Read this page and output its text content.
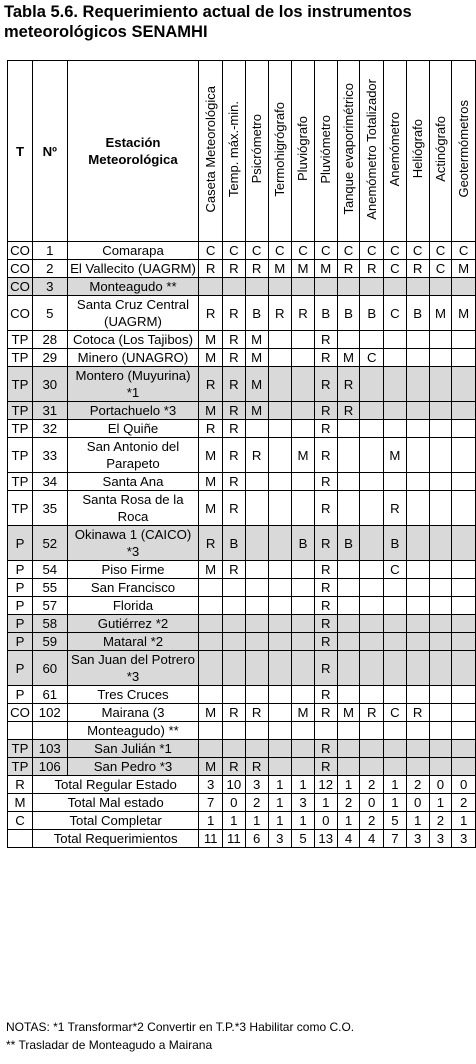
Tabla 5.6. Requerimiento actual de los instrumentos
meteorológicos SENAMHI
T	Nº	Estación Meteorológica	Caseta Meteorológica	Temp. máx.-min.	Psicrómetro	Termohigrógrafo	Pluviógrafo	Pluviómetro	Tanque evaporimétrico	Anemómetro Totalizador	Anemómetro	Heliógrafo	Actinógrafo	Geotermómetros
CO	1	Comarapa	C	C	C	C	C	C	C	C	C	C	C	C
CO	2	El Vallecito (UAGRM)	R	R	R	M	M	M	R	R	C	R	C	M
CO	3	Monteagudo **												
CO	5	Santa Cruz Central (UAGRM)	R	R	B	R	R	B	B	B	C	B	M	M
TP	28	Cotoca (Los Tajibos)	M	R	M			R						
TP	29	Minero (UNAGRO)	M	R	M			R	M	C				
TP	30	Montero (Muyurina) *1	R	R	M			R	R					
TP	31	Portachuelo *3	M	R	M			R	R					
TP	32	El Quiñe	R	R				R						
TP	33	San Antonio del Parapeto	M	R	R		M	R			M			
TP	34	Santa Ana	M	R				R						
TP	35	Santa Rosa de la Roca	M	R				R			R			
P	52	Okinawa 1 (CAICO) *3	R	B			B	R	B		B			
P	54	Piso Firme	M	R				R			C			
P	55	San Francisco						R						
P	57	Florida						R						
P	58	Gutiérrez *2						R						
P	59	Mataral *2						R						
P	60	San Juan del Potrero *3						R						
P	61	Tres Cruces						R						
CO	102	Mairana (3	M	R	R		M	R	M	R	C	R		
		Monteagudo) **												
TP	103	San Julián *1						R						
TP	106	San Pedro *3	M	R	R			R						
R	Total Regular Estado		3	10	3	1	1	12	1	2	1	2	0	0
M	Total Mal estado		7	0	2	1	3	1	2	0	1	0	1	2
C	Total Completar		1	1	1	1	1	0	1	2	5	1	2	1
	Total Requerimientos		11	11	6	3	5	13	4	4	7	3	3	3
NOTAS: *1 Transformar*2 Convertir en T.P.*3 Habilitar como C.O.
** Trasladar de Monteagudo a Mairana
